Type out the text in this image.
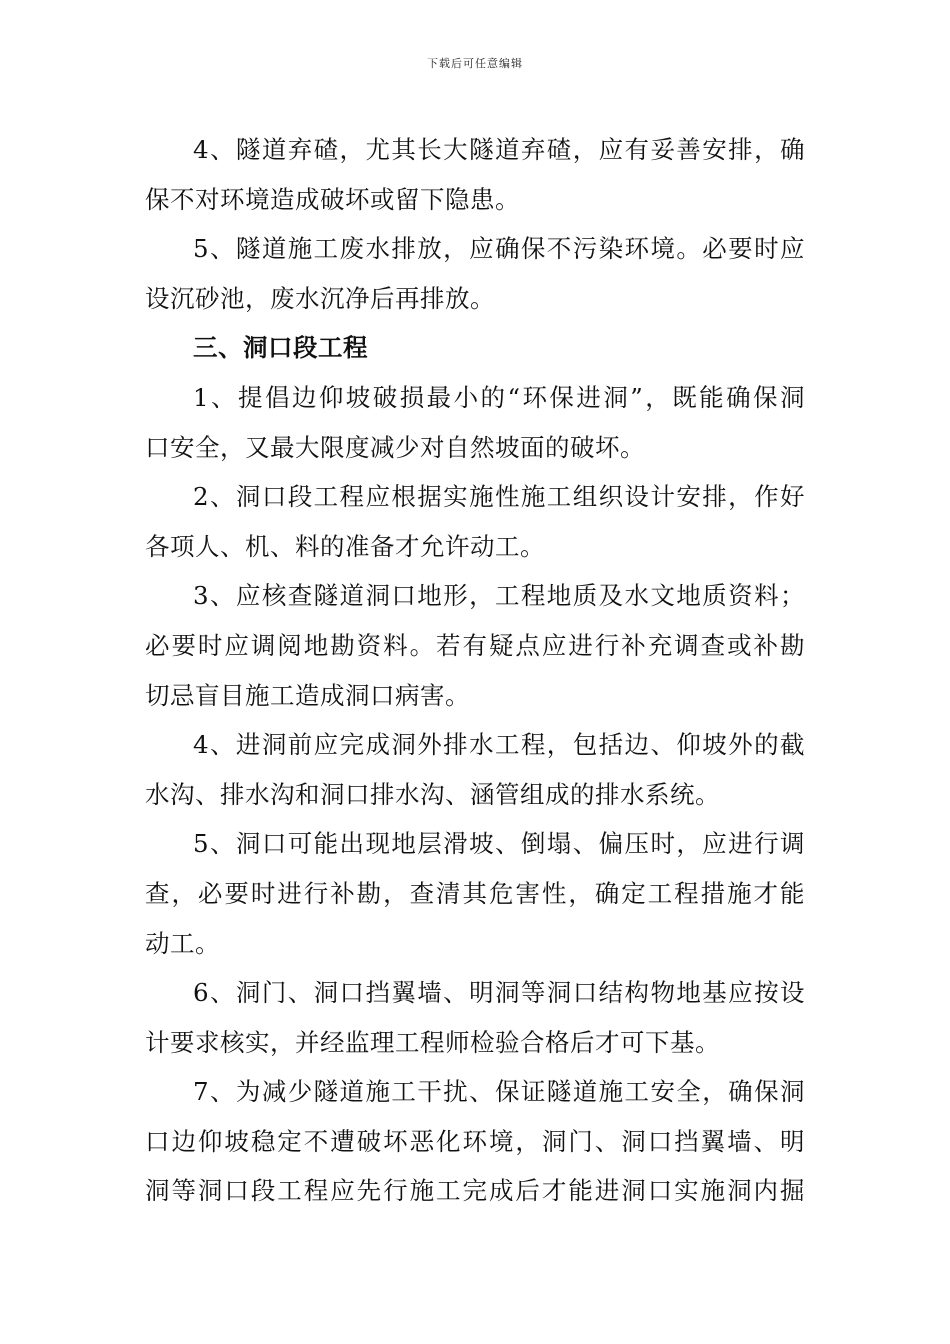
下载后可任意编辑
4、隧道弃碴，尤其长大隧道弃碴，应有妥善安排，确
保不对环境造成破坏或留下隐患。
5、隧道施工废水排放，应确保不污染环境。必要时应
设沉砂池，废水沉净后再排放。
三、洞口段工程
1、提倡边仰坡破损最小的“环保进洞”，既能确保洞
口安全，又最大限度减少对自然坡面的破坏。
2、洞口段工程应根据实施性施工组织设计安排，作好
各项人、机、料的准备才允许动工。
3、应核查隧道洞口地形，工程地质及水文地质资料；
必要时应调阅地勘资料。若有疑点应进行补充调查或补勘
切忌盲目施工造成洞口病害。
4、进洞前应完成洞外排水工程，包括边、仰坡外的截
水沟、排水沟和洞口排水沟、涵管组成的排水系统。
5、洞口可能出现地层滑坡、倒塌、偏压时，应进行调
查，必要时进行补勘，查清其危害性，确定工程措施才能
动工。
6、洞门、洞口挡翼墙、明洞等洞口结构物地基应按设
计要求核实，并经监理工程师检验合格后才可下基。
7、为减少隧道施工干扰、保证隧道施工安全，确保洞
口边仰坡稳定不遭破坏恶化环境，洞门、洞口挡翼墙、明
洞等洞口段工程应先行施工完成后才能进洞口实施洞内掘
